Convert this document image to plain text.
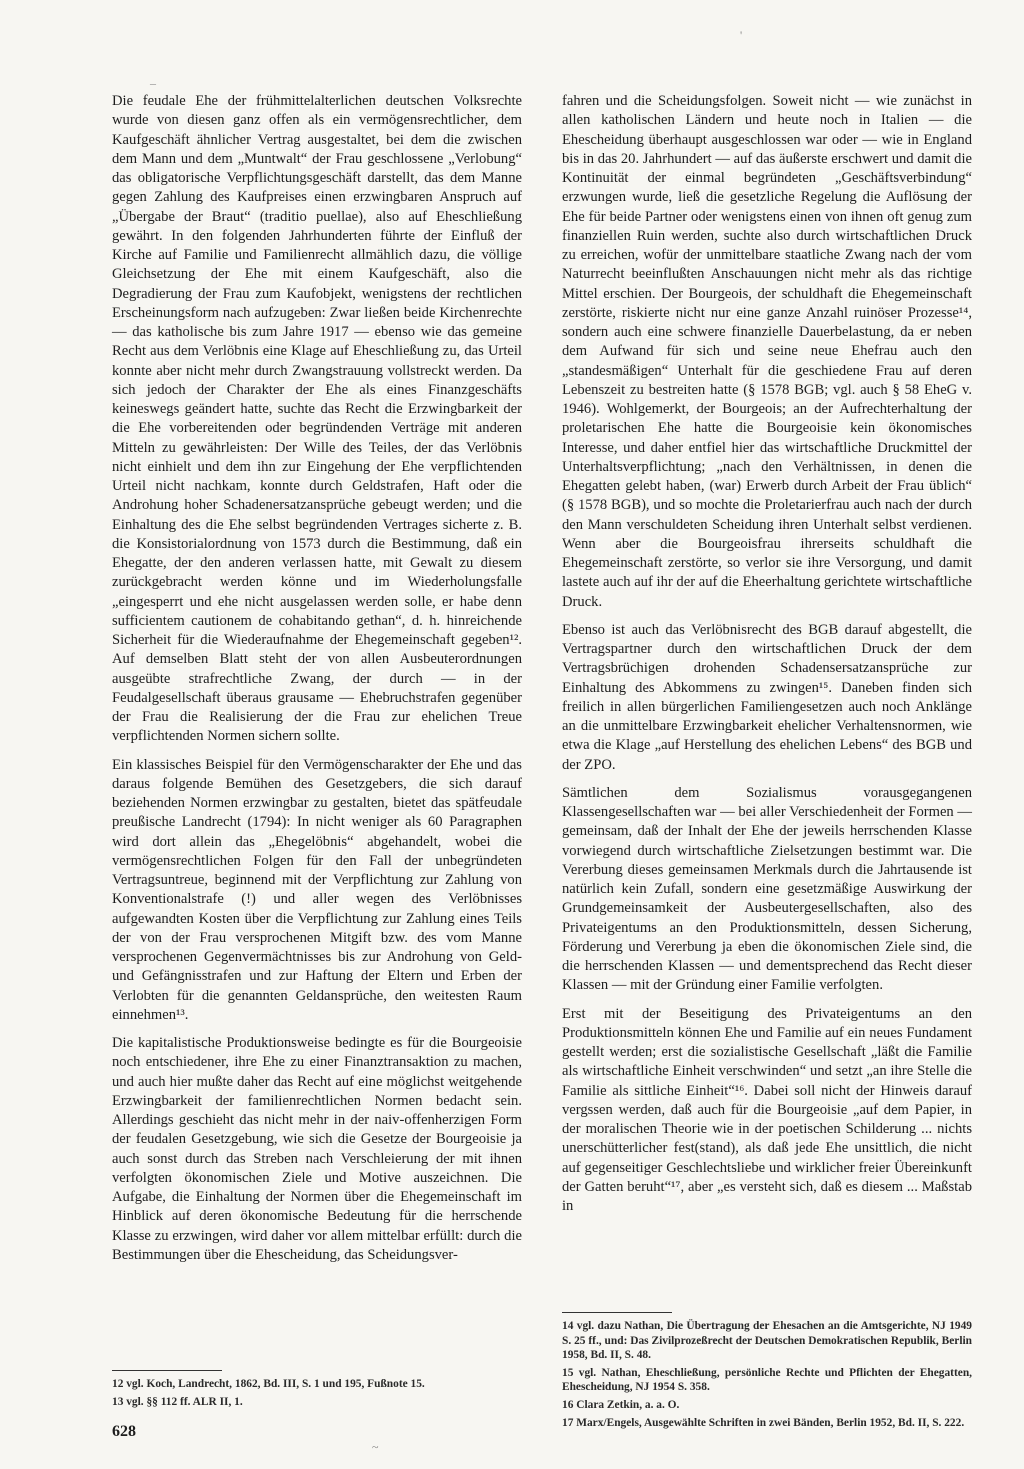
–
'

Die feudale Ehe der frühmittelalterlichen deutschen Volksrechte wurde von diesen ganz offen als ein vermögensrechtlicher, dem Kaufgeschäft ähnlicher Vertrag ausgestaltet, bei dem die zwischen dem Mann und dem „Muntwalt“ der Frau geschlossene „Verlobung“ das obligatorische Verpflichtungsgeschäft darstellt, das dem Manne gegen Zahlung des Kaufpreises einen erzwingbaren Anspruch auf „Übergabe der Braut“ (traditio puellae), also auf Eheschließung gewährt. In den folgenden Jahrhunderten führte der Einfluß der Kirche auf Familie und Familienrecht allmählich dazu, die völlige Gleichsetzung der Ehe mit einem Kaufgeschäft, also die Degradierung der Frau zum Kaufobjekt, wenigstens der rechtlichen Erscheinungsform nach aufzugeben: Zwar ließen beide Kirchenrechte — das katholische bis zum Jahre 1917 — ebenso wie das gemeine Recht aus dem Verlöbnis eine Klage auf Eheschließung zu, das Urteil konnte aber nicht mehr durch Zwangstrauung vollstreckt werden. Da sich jedoch der Charakter der Ehe als eines Finanzgeschäfts keineswegs geändert hatte, suchte das Recht die Erzwingbarkeit der die Ehe vorbereitenden oder begründenden Verträge mit anderen Mitteln zu gewährleisten: Der Wille des Teiles, der das Verlöbnis nicht einhielt und dem ihn zur Eingehung der Ehe verpflichtenden Urteil nicht nachkam, konnte durch Geldstrafen, Haft oder die Androhung hoher Schadenersatzansprüche gebeugt werden; und die Einhaltung des die Ehe selbst begründenden Vertrages sicherte z. B. die Konsistorialordnung von 1573 durch die Bestimmung, daß ein Ehegatte, der den anderen verlassen hatte, mit Gewalt zu diesem zurückgebracht werden könne und im Wiederholungsfalle „eingesperrt und ehe nicht ausgelassen werden solle, er habe denn sufficientem cautionem de cohabitando gethan“, d. h. hinreichende Sicherheit für die Wiederaufnahme der Ehegemeinschaft gegeben¹². Auf demselben Blatt steht der von allen Ausbeuterordnungen ausgeübte strafrechtliche Zwang, der durch — in der Feudalgesellschaft überaus grausame — Ehebruchstrafen gegenüber der Frau die Realisierung der die Frau zur ehelichen Treue verpflichtenden Normen sichern sollte.

Ein klassisches Beispiel für den Vermögenscharakter der Ehe und das daraus folgende Bemühen des Gesetzgebers, die sich darauf beziehenden Normen erzwingbar zu gestalten, bietet das spätfeudale preußische Landrecht (1794): In nicht weniger als 60 Paragraphen wird dort allein das „Ehegelöbnis“ abgehandelt, wobei die vermögensrechtlichen Folgen für den Fall der unbegründeten Vertragsuntreue, beginnend mit der Verpflichtung zur Zahlung von Konventionalstrafe (!) und aller wegen des Verlöbnisses aufgewandten Kosten über die Verpflichtung zur Zahlung eines Teils der von der Frau versprochenen Mitgift bzw. des vom Manne versprochenen Gegenvermächtnisses bis zur Androhung von Geld- und Gefängnisstrafen und zur Haftung der Eltern und Erben der Verlobten für die genannten Geldansprüche, den weitesten Raum einnehmen¹³.

Die kapitalistische Produktionsweise bedingte es für die Bourgeoisie noch entschiedener, ihre Ehe zu einer Finanztransaktion zu machen, und auch hier mußte daher das Recht auf eine möglichst weitgehende Erzwingbarkeit der familienrechtlichen Normen bedacht sein. Allerdings geschieht das nicht mehr in der naiv-offenherzigen Form der feudalen Gesetzgebung, wie sich die Gesetze der Bourgeoisie ja auch sonst durch das Streben nach Verschleierung der mit ihnen verfolgten ökonomischen Ziele und Motive auszeichnen. Die Aufgabe, die Einhaltung der Normen über die Ehegemeinschaft im Hinblick auf deren ökonomische Bedeutung für die herrschende Klasse zu erzwingen, wird daher vor allem mittelbar erfüllt: durch die Bestimmungen über die Ehescheidung, das Scheidungsver-

fahren und die Scheidungsfolgen. Soweit nicht — wie zunächst in allen katholischen Ländern und heute noch in Italien — die Ehescheidung überhaupt ausgeschlossen war oder — wie in England bis in das 20. Jahrhundert — auf das äußerste erschwert und damit die Kontinuität der einmal begründeten „Geschäftsverbindung“ erzwungen wurde, ließ die gesetzliche Regelung die Auflösung der Ehe für beide Partner oder wenigstens einen von ihnen oft genug zum finanziellen Ruin werden, suchte also durch wirtschaftlichen Druck zu erreichen, wofür der unmittelbare staatliche Zwang nach der vom Naturrecht beeinflußten Anschauungen nicht mehr als das richtige Mittel erschien. Der Bourgeois, der schuldhaft die Ehegemeinschaft zerstörte, riskierte nicht nur eine ganze Anzahl ruinöser Prozesse¹⁴, sondern auch eine schwere finanzielle Dauerbelastung, da er neben dem Aufwand für sich und seine neue Ehefrau auch den „standesmäßigen“ Unterhalt für die geschiedene Frau auf deren Lebenszeit zu bestreiten hatte (§ 1578 BGB; vgl. auch § 58 EheG v. 1946). Wohlgemerkt, der Bourgeois; an der Aufrechterhaltung der proletarischen Ehe hatte die Bourgeoisie kein ökonomisches Interesse, und daher entfiel hier das wirtschaftliche Druckmittel der Unterhaltsverpflichtung; „nach den Verhältnissen, in denen die Ehegatten gelebt haben, (war) Erwerb durch Arbeit der Frau üblich“ (§ 1578 BGB), und so mochte die Proletarierfrau auch nach der durch den Mann verschuldeten Scheidung ihren Unterhalt selbst verdienen. Wenn aber die Bourgeoisfrau ihrerseits schuldhaft die Ehegemeinschaft zerstörte, so verlor sie ihre Versorgung, und damit lastete auch auf ihr der auf die Eheerhaltung gerichtete wirtschaftliche Druck.

Ebenso ist auch das Verlöbnisrecht des BGB darauf abgestellt, die Vertragspartner durch den wirtschaftlichen Druck der dem Vertragsbrüchigen drohenden Schadensersatzansprüche zur Einhaltung des Abkommens zu zwingen¹⁵. Daneben finden sich freilich in allen bürgerlichen Familiengesetzen auch noch Anklänge an die unmittelbare Erzwingbarkeit ehelicher Verhaltensnormen, wie etwa die Klage „auf Herstellung des ehelichen Lebens“ des BGB und der ZPO.

Sämtlichen dem Sozialismus vorausgegangenen Klassengesellschaften war — bei aller Verschiedenheit der Formen — gemeinsam, daß der Inhalt der Ehe der jeweils herrschenden Klasse vorwiegend durch wirtschaftliche Zielsetzungen bestimmt war. Die Vererbung dieses gemeinsamen Merkmals durch die Jahrtausende ist natürlich kein Zufall, sondern eine gesetzmäßige Auswirkung der Grundgemeinsamkeit der Ausbeutergesellschaften, also des Privateigentums an den Produktionsmitteln, dessen Sicherung, Förderung und Vererbung ja eben die ökonomischen Ziele sind, die die herrschenden Klassen — und dementsprechend das Recht dieser Klassen — mit der Gründung einer Familie verfolgten.

Erst mit der Beseitigung des Privateigentums an den Produktionsmitteln können Ehe und Familie auf ein neues Fundament gestellt werden; erst die sozialistische Gesellschaft „läßt die Familie als wirtschaftliche Einheit verschwinden“ und setzt „an ihre Stelle die Familie als sittliche Einheit“¹⁶. Dabei soll nicht der Hinweis darauf vergssen werden, daß auch für die Bourgeoisie „auf dem Papier, in der moralischen Theorie wie in der poetischen Schilderung ... nichts unerschütterlicher fest(stand), als daß jede Ehe unsittlich, die nicht auf gegenseitiger Geschlechtsliebe und wirklicher freier Übereinkunft der Gatten beruht“¹⁷, aber „es versteht sich, daß es diesem ... Maßstab in

12 vgl. Koch, Landrecht, 1862, Bd. III, S. 1 und 195, Fußnote 15.

13 vgl. §§ 112 ff. ALR II, 1.

14 vgl. dazu Nathan, Die Übertragung der Ehesachen an die Amtsgerichte, NJ 1949 S. 25 ff., und: Das Zivilprozeßrecht der Deutschen Demokratischen Republik, Berlin 1958, Bd. II, S. 48.

15 vgl. Nathan, Eheschließung, persönliche Rechte und Pflichten der Ehegatten, Ehescheidung, NJ 1954 S. 358.

16 Clara Zetkin, a. a. O.

17 Marx/Engels, Ausgewählte Schriften in zwei Bänden, Berlin 1952, Bd. II, S. 222.

628
~
